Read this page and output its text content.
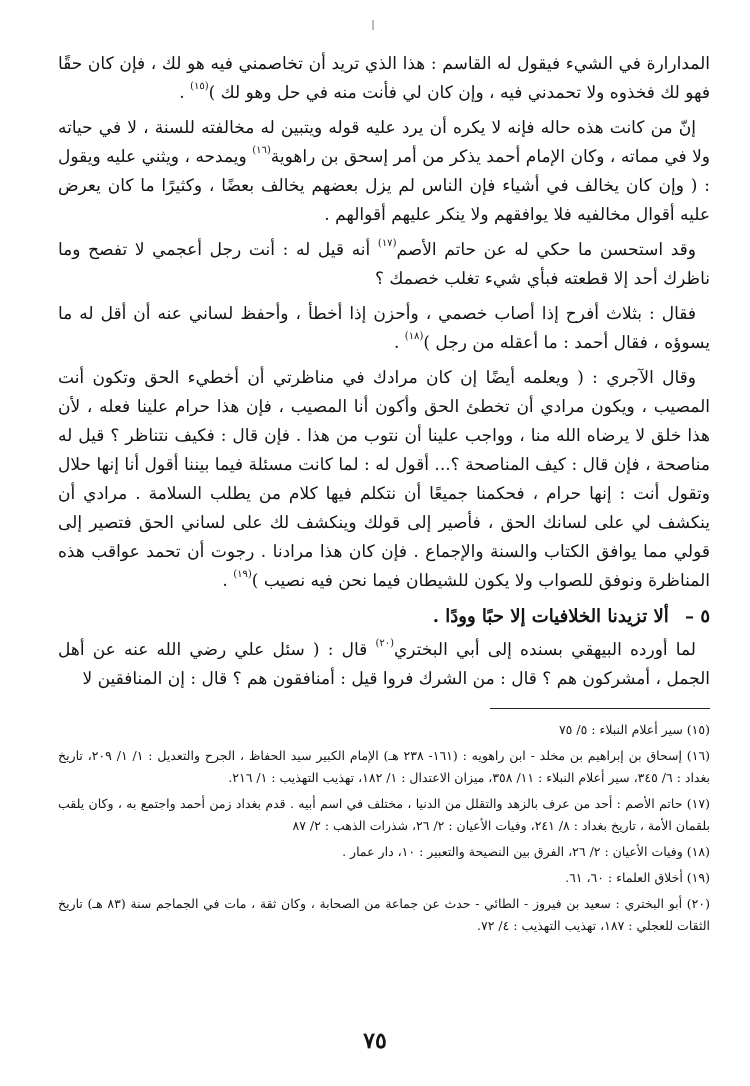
المدارارة في الشيء فيقول له القاسم : هذا الذي تريد أن تخاصمني فيه هو لك ، فإن كان حقًا فهو لك فخذوه ولا تحمدني فيه ، وإن كان لي فأنت منه في حل وهو لك )$^{(١٥)}$ .

إنّ من كانت هذه حاله فإنه لا يكره أن يرد عليه قوله ويتبين له مخالفته للسنة ، لا في حياته ولا في مماته ، وكان الإمام أحمد يذكر من أمر إسحق بن راهوية$^{(١٦)}$ ويمدحه ، ويثني عليه ويقول : ( وإن كان يخالف في أشياء فإن الناس لم يزل بعضهم يخالف بعضًا ، وكثيرًا ما كان يعرض عليه أقوال مخالفيه فلا يوافقهم ولا ينكر عليهم أقوالهم .

وقد استحسن ما حكي له عن حاتم الأصم$^{(١٧)}$ أنه قيل له : أنت رجل أعجمي لا تفصح وما ناظرك أحد إلا قطعته فبأي شيء تغلب خصمك ؟

فقال : بثلاث أفرح إذا أصاب خصمي ، وأحزن إذا أخطأ ، وأحفظ لساني عنه أن أقل له ما يسوؤه ، فقال أحمد : ما أعقله من رجل )$^{(١٨)}$ .

وقال الآجري : ( ويعلمه أيضًا إن كان مرادك في مناظرتي أن أخطيء الحق وتكون أنت المصيب ، ويكون مرادي أن تخطئ الحق وأكون أنا المصيب ، فإن هذا حرام علينا فعله ، لأن هذا خلق لا يرضاه الله منا ، وواجب علينا أن نتوب من هذا . فإن قال : فكيف نتناظر ؟ قيل له مناصحة ، فإن قال : كيف المناصحة ؟... أقول له : لما كانت مسئلة فيما بيننا أقول أنا إنها حلال وتقول أنت : إنها حرام ، فحكمنا جميعًا أن نتكلم فيها كلام من يطلب السلامة . مرادي أن ينكشف لي على لسانك الحق ، فأصير إلى قولك وينكشف لك على لساني الحق فتصير إلى قولي مما يوافق الكتاب والسنة والإجماع . فإن كان هذا مرادنا . رجوت أن تحمد عواقب هذه المناظرة ونوفق للصواب ولا يكون للشيطان فيما نحن فيه نصيب )$^{(١٩)}$ .

٥ – ألا تزيدنا الخلافيات إلا حبًا وودًا .

لما أورده البيهقي بسنده إلى أبي البختري$^{(٢٠)}$ قال : ( سئل علي رضي الله عنه عن أهل الجمل ، أمشركون هم ؟ قال : من الشرك فروا قيل : أمنافقون هم ؟ قال : إن المنافقين لا

(١٥) سير أعلام النبلاء : ٥/ ٧٥
(١٦) إسحاق بن إبراهيم بن مخلد - ابن راهويه : (١٦١- ٢٣٨ هـ) الإمام الكبير سيد الحفاظ ، الجرح والتعديل : ١/ ١/ ٢٠٩، تاريخ بغداد : ٦/ ٣٤٥، سير أعلام النبلاء : ١١/ ٣٥٨، ميزان الاعتدال : ١/ ١٨٢، تهذيب التهذيب : ١/ ٢١٦.
(١٧) حاتم الأصم : أحد من عرف بالزهد والتقلل من الدنيا ، مختلف في اسم أبيه . قدم بغداد زمن أحمد واجتمع به ، وكان يلقب بلقمان الأمة ، تاريخ بغداد : ٨/ ٢٤١، وفيات الأعيان : ٢/ ٢٦، شذرات الذهب : ٢/ ٨٧
(١٨) وفيات الأعيان : ٢/ ٢٦، الفرق بين النصيحة والتعبير : ١٠، دار عمار .
(١٩) أخلاق العلماء : ٦٠، ٦١.
(٢٠) أبو البختري : سعيد بن فيروز - الطائي - حدث عن جماعة من الصحابة ، وكان ثقة ، مات في الجماجم سنة (٨٣ هـ) تاريخ الثقات للعجلي : ١٨٧، تهذيب التهذيب : ٤/ ٧٢.
٧٥
